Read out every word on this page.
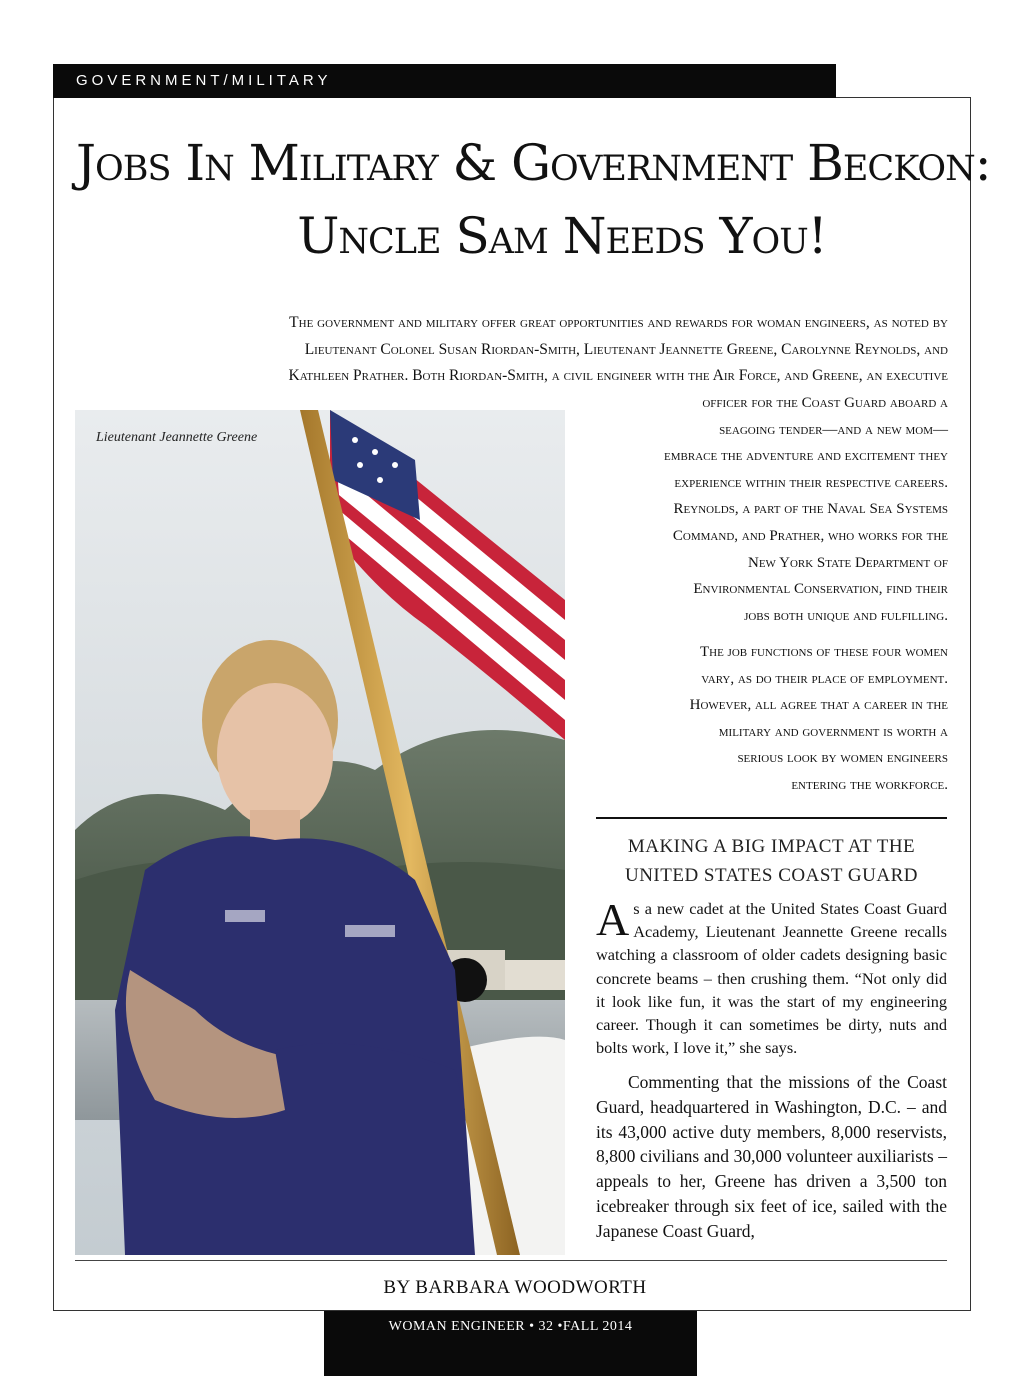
GOVERNMENT/MILITARY
Jobs In Military & Government Beckon:
Uncle Sam Needs You!

The government and military offer great opportunities and rewards for woman engineers, as noted by
Lieutenant Colonel Susan Riordan-Smith, Lieutenant Jeannette Greene, Carolynne Reynolds, and
Kathleen Prather. Both Riordan-Smith, a civil engineer with the Air Force, and Greene, an executive

officer for the Coast Guard aboard a
seagoing tender—and a new mom—
embrace the adventure and excitement they
experience within their respective careers.
Reynolds, a part of the Naval Sea Systems
Command, and Prather, who works for the
New York State Department of
Environmental Conservation, find their
jobs both unique and fulfilling.

The job functions of these four women
vary, as do their place of employment.
However, all agree that a career in the
military and government is worth a
serious look by women engineers
entering the workforce.

Lieutenant Jeannette Greene
MAKING A BIG IMPACT AT THE
UNITED STATES COAST GUARD

As a new cadet at the United States Coast Guard Academy, Lieutenant Jeannette Greene recalls watching a classroom of older cadets designing basic concrete beams – then crushing them. “Not only did it look like fun, it was the start of my engineering career. Though it can sometimes be dirty, nuts and bolts work, I love it,” she says.

Commenting that the missions of the Coast Guard, headquartered in Washington, D.C. – and its 43,000 active duty members, 8,000 reservists, 8,800 civilians and 30,000 volunteer auxiliarists – appeals to her, Greene has driven a 3,500 ton icebreaker through six feet of ice, sailed with the Japanese Coast Guard,

BY BARBARA WOODWORTH

WOMAN ENGINEER • 32 •FALL 2014
